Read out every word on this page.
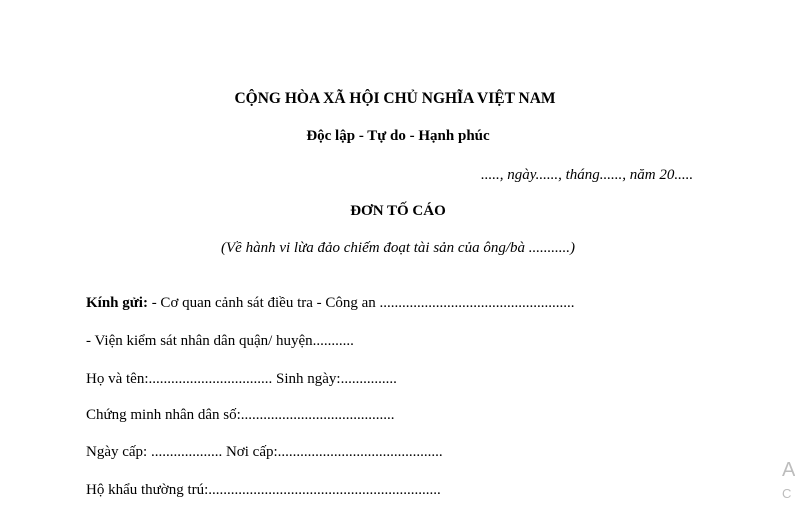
CỘNG HÒA XÃ HỘI CHỦ NGHĨA VIỆT NAM
Độc lập - Tự do - Hạnh phúc
....., ngày......, tháng......, năm 20.....
ĐƠN TỐ CÁO
(Về hành vi lừa đảo chiếm đoạt tài sản của ông/bà ...........)
Kính gửi: - Cơ quan cảnh sát điều tra - Công an ....................................................
- Viện kiểm sát nhân dân quận/ huyện...........
Họ và tên:................................. Sinh ngày:...............
Chứng minh nhân dân số:.........................................
Ngày cấp: ................... Nơi cấp:............................................
Hộ khẩu thường trú:..............................................................
A
C
